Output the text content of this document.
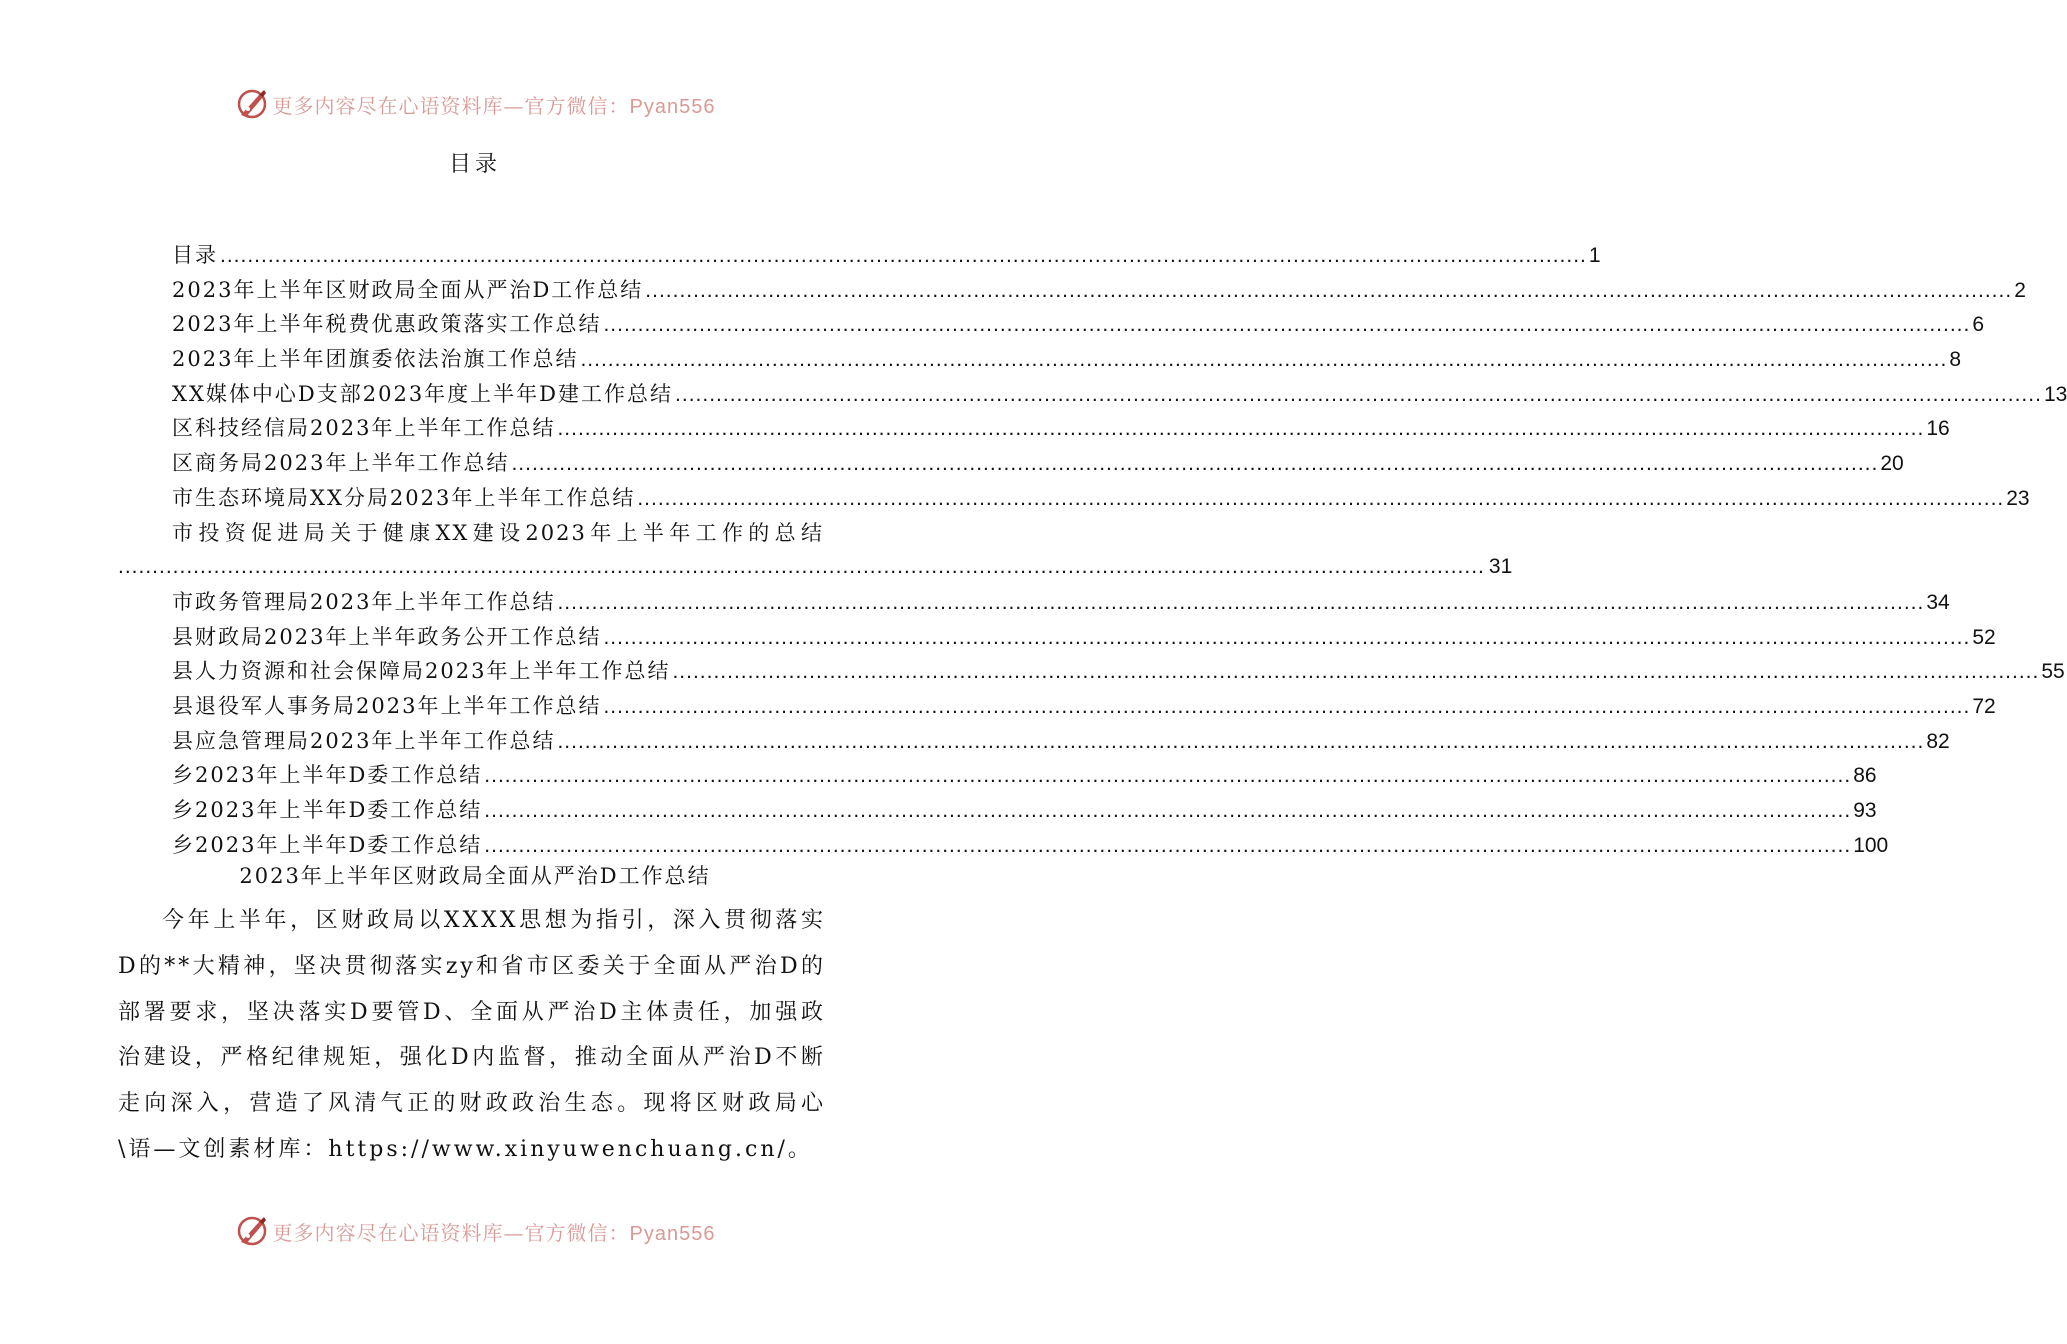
更多内容尽在心语资料库—官方微信：Pyan556
目录
目录 ........................................................................................................................................................................................................ 1
2023年上半年区财政局全面从严治D工作总结 ........................................................................................................................................................................................................ 2
2023年上半年税费优惠政策落实工作总结 ........................................................................................................................................................................................................ 6
2023年上半年团旗委依法治旗工作总结 ........................................................................................................................................................................................................ 8
XX媒体中心D支部2023年度上半年D建工作总结 ........................................................................................................................................................................................................ 13
区科技经信局2023年上半年工作总结 ........................................................................................................................................................................................................ 16
区商务局2023年上半年工作总结 ........................................................................................................................................................................................................ 20
市生态环境局XX分局2023年上半年工作总结 ........................................................................................................................................................................................................ 23
市投资促进局关于健康XX建设2023年上半年工作的总结
........................................................................................................................................................................................................ 31
市政务管理局2023年上半年工作总结 ........................................................................................................................................................................................................ 34
县财政局2023年上半年政务公开工作总结 ........................................................................................................................................................................................................ 52
县人力资源和社会保障局2023年上半年工作总结 ........................................................................................................................................................................................................ 55
县退役军人事务局2023年上半年工作总结 ........................................................................................................................................................................................................ 72
县应急管理局2023年上半年工作总结 ........................................................................................................................................................................................................ 82
乡2023年上半年D委工作总结 ........................................................................................................................................................................................................ 86
乡2023年上半年D委工作总结 ........................................................................................................................................................................................................ 93
乡2023年上半年D委工作总结 ........................................................................................................................................................................................................ 100
2023年上半年区财政局全面从严治D工作总结
今年上半年，区财政局以XXXX思想为指引，深入贯彻落实D的**大精神，坚决贯彻落实zy和省市区委关于全面从严治D的部署要求，坚决落实D要管D、全面从严治D主体责任，加强政治建设，严格纪律规矩，强化D内监督，推动全面从严治D不断走向深入，营造了风清气正的财政政治生态。现将区财政局心\语—文创素材库：https://www.xinyuwenchuang.cn/。
更多内容尽在心语资料库—官方微信：Pyan556
